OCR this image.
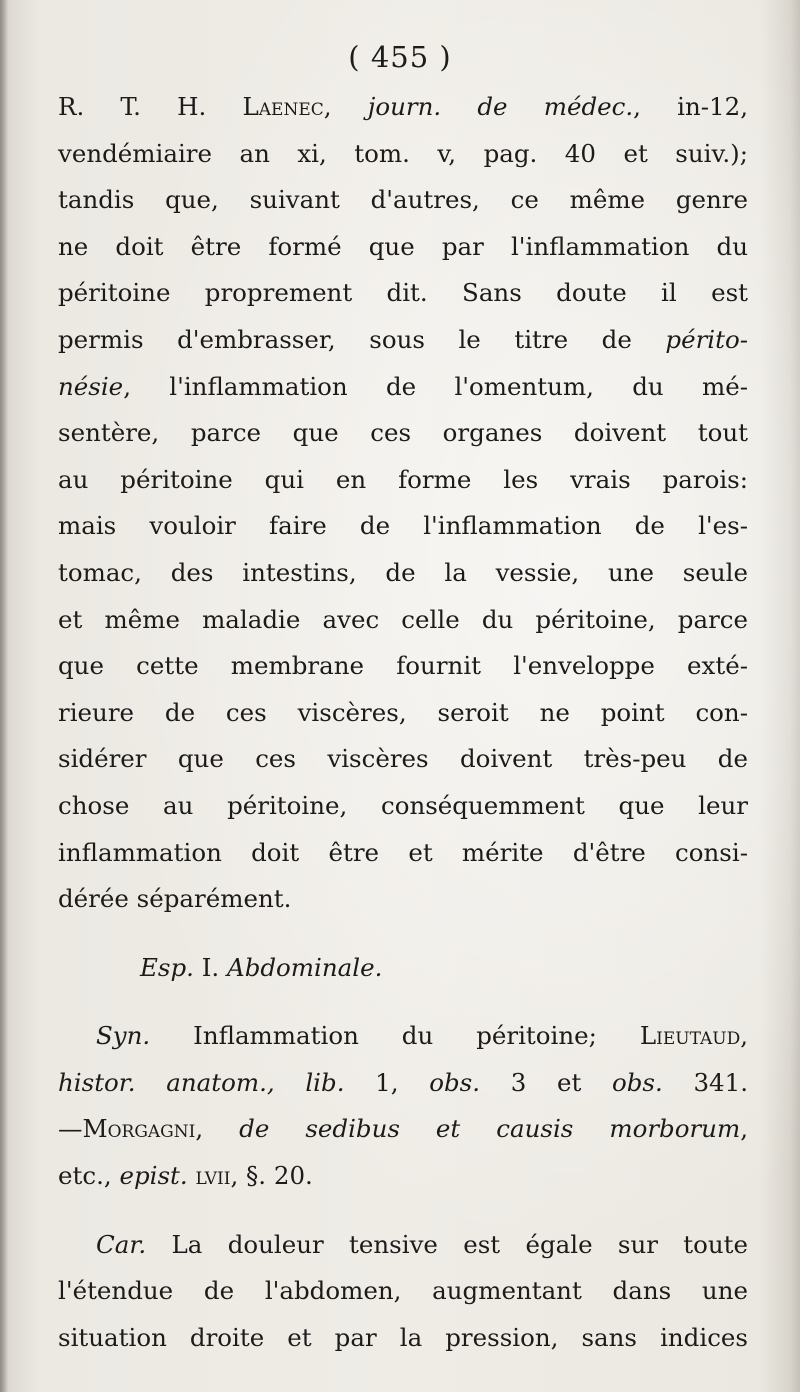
( 455 )
R. T. H. Laenec, journ. de médec., in-12,
vendémiaire an xi, tom. v, pag. 40 et suiv.);
tandis que, suivant d'autres, ce même genre
ne doit être formé que par l'inflammation du
péritoine proprement dit. Sans doute il est
permis d'embrasser, sous le titre de périto-
nésie, l'inflammation de l'omentum, du mé-
sentère, parce que ces organes doivent tout
au péritoine qui en forme les vrais parois:
mais vouloir faire de l'inflammation de l'es-
tomac, des intestins, de la vessie, une seule
et même maladie avec celle du péritoine, parce
que cette membrane fournit l'enveloppe exté-
rieure de ces viscères, seroit ne point con-
sidérer que ces viscères doivent très-peu de
chose au péritoine, conséquemment que leur
inflammation doit être et mérite d'être consi-
dérée séparément.
Esp. I. Abdominale.
Syn. Inflammation du péritoine; Lieutaud,
histor. anatom., lib. 1, obs. 3 et obs. 341.
—Morgagni, de sedibus et causis morborum,
etc., epist. lvii, §. 20.
Car. La douleur tensive est égale sur toute
l'étendue de l'abdomen, augmentant dans une
situation droite et par la pression, sans indices
